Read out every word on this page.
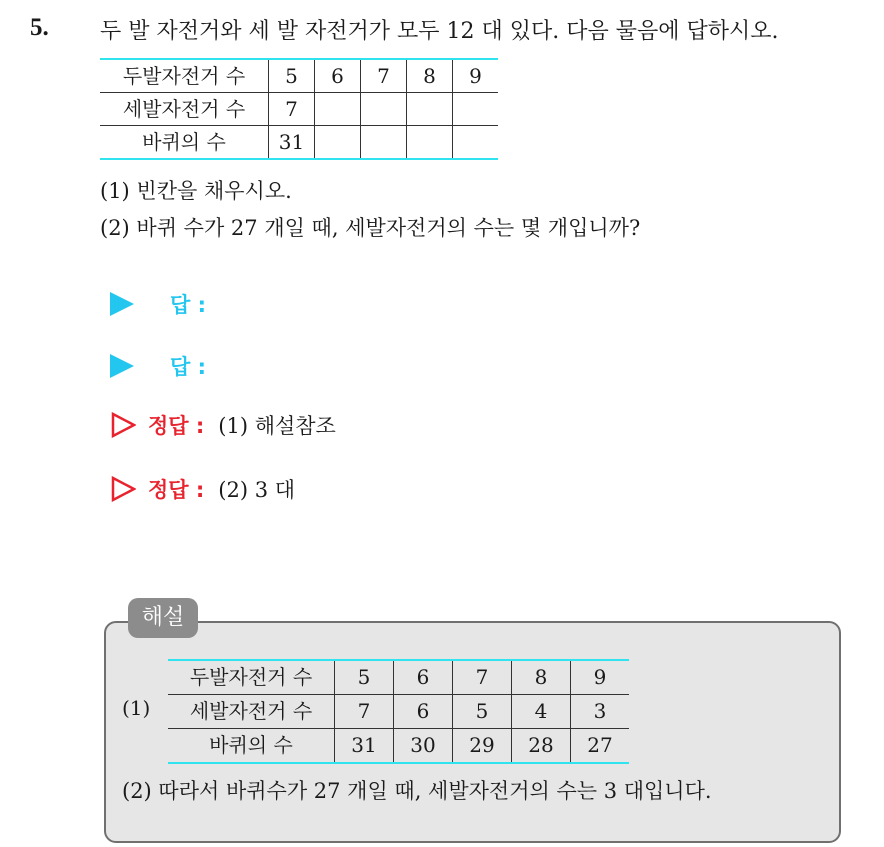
5. 두 발 자전거와 세 발 자전거가 모두 12 대 있다. 다음 물음에 답하시오.
두발자전거 수	5	6	7	8	9
세발자전거 수	7				
바퀴의 수	31				
(1) 빈칸을 채우시오.
(2) 바퀴 수가 27 개일 때, 세발자전거의 수는 몇 개입니까?
답 :
답 :
정답 : (1) 해설참조
정답 : (2) 3 대
해설
(1)
두발자전거 수	5	6	7	8	9
세발자전거 수	7	6	5	4	3
바퀴의 수	31	30	29	28	27
(2) 따라서 바퀴수가 27 개일 때, 세발자전거의 수는 3 대입니다.
